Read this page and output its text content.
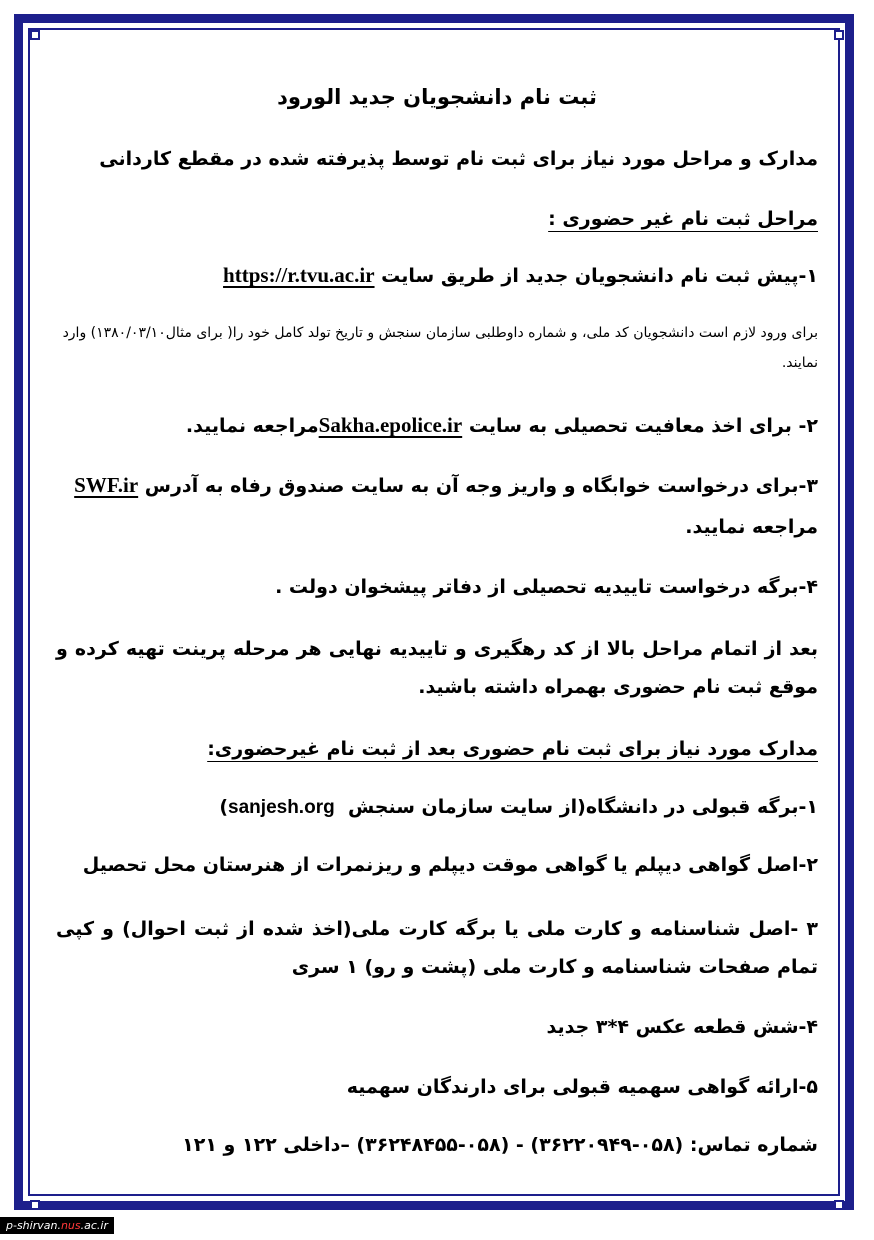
ثبت نام دانشجویان جدید الورود
مدارک و مراحل مورد نیاز برای ثبت نام توسط پذیرفته شده در مقطع کاردانی
مراحل ثبت نام غیر حضوری :
۱-پیش ثبت نام دانشجویان جدید از طریق سایت https://r.tvu.ac.ir
برای ورود لازم است دانشجویان کد ملی، و شماره داوطلبی سازمان سنجش و تاریخ تولد کامل خود را( برای مثال۱۳۸۰/۰۳/۱۰) وارد نمایند.
۲- برای اخذ معافیت تحصیلی به سایت Sakha.epolice.irمراجعه نمایید.
۳-برای درخواست خوابگاه و واریز وجه آن به سایت صندوق رفاه به آدرس SWF.ir
مراجعه نمایید.
۴-برگه درخواست تاییدیه تحصیلی از دفاتر پیشخوان دولت .
بعد از اتمام مراحل بالا از کد رهگیری و تاییدیه نهایی هر مرحله پرینت تهیه کرده و موقع ثبت نام حضوری بهمراه داشته باشید.
مدارک مورد نیاز برای ثبت نام حضوری بعد از ثبت نام غیرحضوری:
۱-برگه قبولی در دانشگاه(از سایت سازمان سنجش  sanjesh.org)
۲-اصل گواهی دیپلم یا گواهی موقت دیپلم و ریزنمرات از هنرستان محل تحصیل
۳ -اصل شناسنامه و کارت ملی یا برگه کارت ملی(اخذ شده از ثبت احوال) و کپی تمام صفحات شناسنامه و کارت ملی (پشت و رو) ۱ سری
۴-شش قطعه عکس ۴*۳ جدید
۵-ارائه گواهی سهمیه قبولی برای دارندگان سهمیه
شماره تماس: (۰۵۸-۳۶۲۲۰۹۴۹) - (۰۵۸-۳۶۲۴۸۴۵۵) –داخلی ۱۲۲ و ۱۲۱
p-shirvan.nus.ac.ir
